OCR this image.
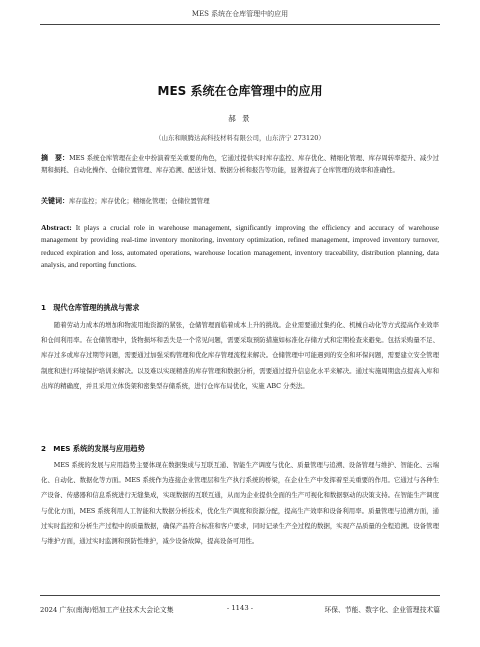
MES 系统在仓库管理中的应用
MES 系统在仓库管理中的应用
郝 景
（山东和顺腾达高科技材料有限公司，山东济宁 273120）
摘　要：MES 系统仓库管理在企业中扮演着至关重要的角色，它通过提供实时库存监控、库存优化、精细化管理、库存周转率提升、减少过期和损耗、自动化操作、仓储位置管理、库存追溯、配送计划、数据分析和报告等功能，显著提高了仓库管理的效率和准确性。
关键词：库存监控；库存优化；精细化管理；仓储位置管理
Abstract: It plays a crucial role in warehouse management, significantly improving the efficiency and accuracy of warehouse management by providing real-time inventory monitoring, inventory optimization, refined management, improved inventory turnover, reduced expiration and loss, automated operations, warehouse location management, inventory traceability, distribution planning, data analysis, and reporting functions.
1　现代仓库管理的挑战与需求
随着劳动力成本的增加和物流用地资源的紧张，仓储管理面临着成本上升的挑战。企业需要通过集约化、机械自动化等方式提高作业效率和仓间利用率。在仓储管理中，货物损坏和丢失是一个常见问题，需要采取预防措施如标准化存储方式和定期检查来避免。包括采购量不足、库存过多或库存过期等问题，需要通过加强采购管理和优化库存管理流程来解决。仓储管理中可能遇到的安全和环保问题，需要建立安全管理制度和进行环境保护培训来解决。以及难以实现精准的库存管理和数据分析，需要通过提升信息化水平来解决。通过实施周期盘点提高入库和出库的精确度，并且采用立体货架和密集型存储系统，进行仓库布局优化，实施 ABC 分类法。
2　MES 系统的发展与应用趋势
MES 系统的发展与应用趋势主要体现在数据集成与互联互通、智能生产调度与优化、质量管理与追溯、设备管理与维护、智能化、云端化、自动化、数据化等方面。MES 系统作为连接企业管理层和生产执行系统的桥梁，在企业生产中发挥着至关重要的作用。它通过与各种生产设备、传感器和信息系统进行无缝集成，实现数据的互联互通，从而为企业提供全面的生产可视化和数据驱动的决策支持。在智能生产调度与优化方面，MES 系统利用人工智能和大数据分析技术，优化生产调度和资源分配，提高生产效率和设备利用率。质量管理与追溯方面，通过实时监控和分析生产过程中的质量数据，确保产品符合标准和客户要求，同时记录生产全过程的数据，实现产品质量的全程追溯。设备管理与维护方面，通过实时监测和预防性维护，减少设备故障，提高设备可用性。
- 1143 -
2024 广东(南海)铝加工产业技术大会论文集	环保、节能、数字化、企业管理技术篇
